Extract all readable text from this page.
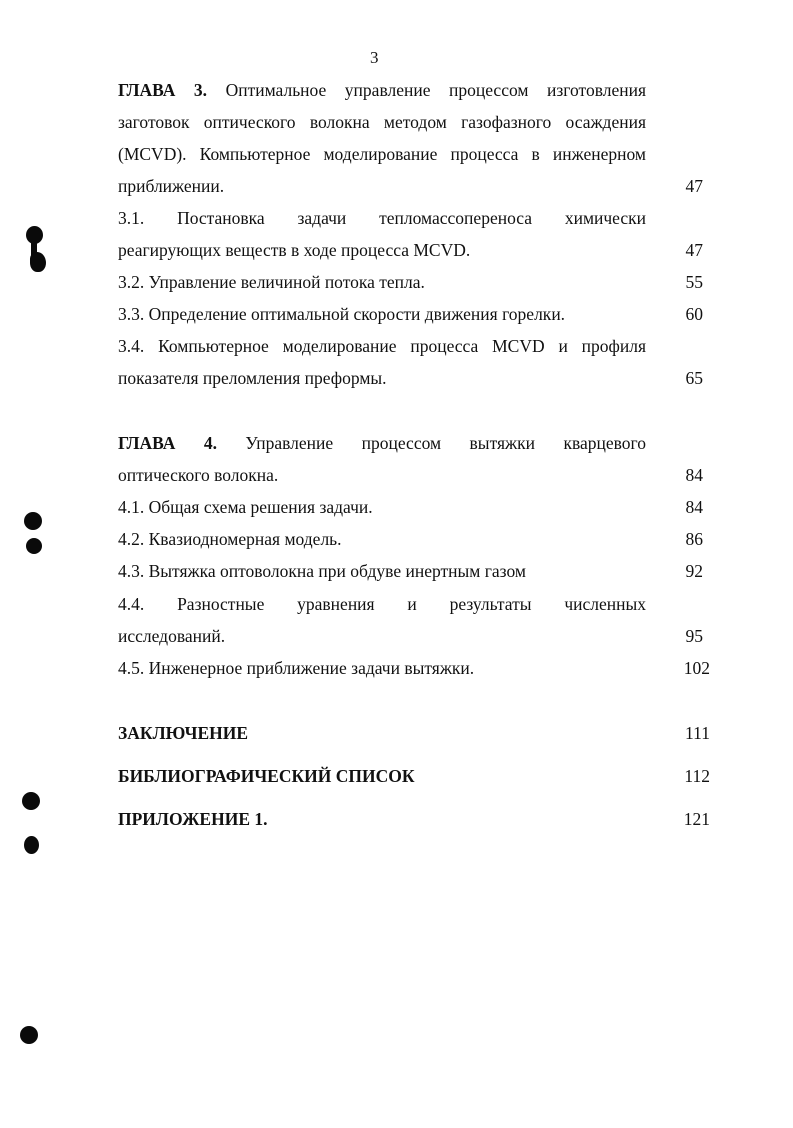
3
ГЛАВА 3. Оптимальное управление процессом изготовления
заготовок оптического волокна методом газофазного осаждения
(MCVD). Компьютерное моделирование процесса в инженерном
приближении.	47
3.1. Постановка задачи тепломассопереноса химически
реагирующих веществ в ходе процесса MCVD.	47
3.2. Управление величиной потока тепла.	55
3.3. Определение оптимальной скорости движения горелки.	60
3.4. Компьютерное моделирование процесса MCVD и профиля
показателя преломления преформы.	65
ГЛАВА 4. Управление процессом вытяжки кварцевого
оптического волокна.	84
4.1. Общая схема решения задачи.	84
4.2. Квазиодномерная модель.	86
4.3. Вытяжка оптоволокна при обдуве инертным газом	92
4.4. Разностные уравнения и результаты численных
исследований.	95
4.5. Инженерное приближение задачи вытяжки.	102
ЗАКЛЮЧЕНИЕ	111
БИБЛИОГРАФИЧЕСКИЙ СПИСОК	112
ПРИЛОЖЕНИЕ 1.	121
